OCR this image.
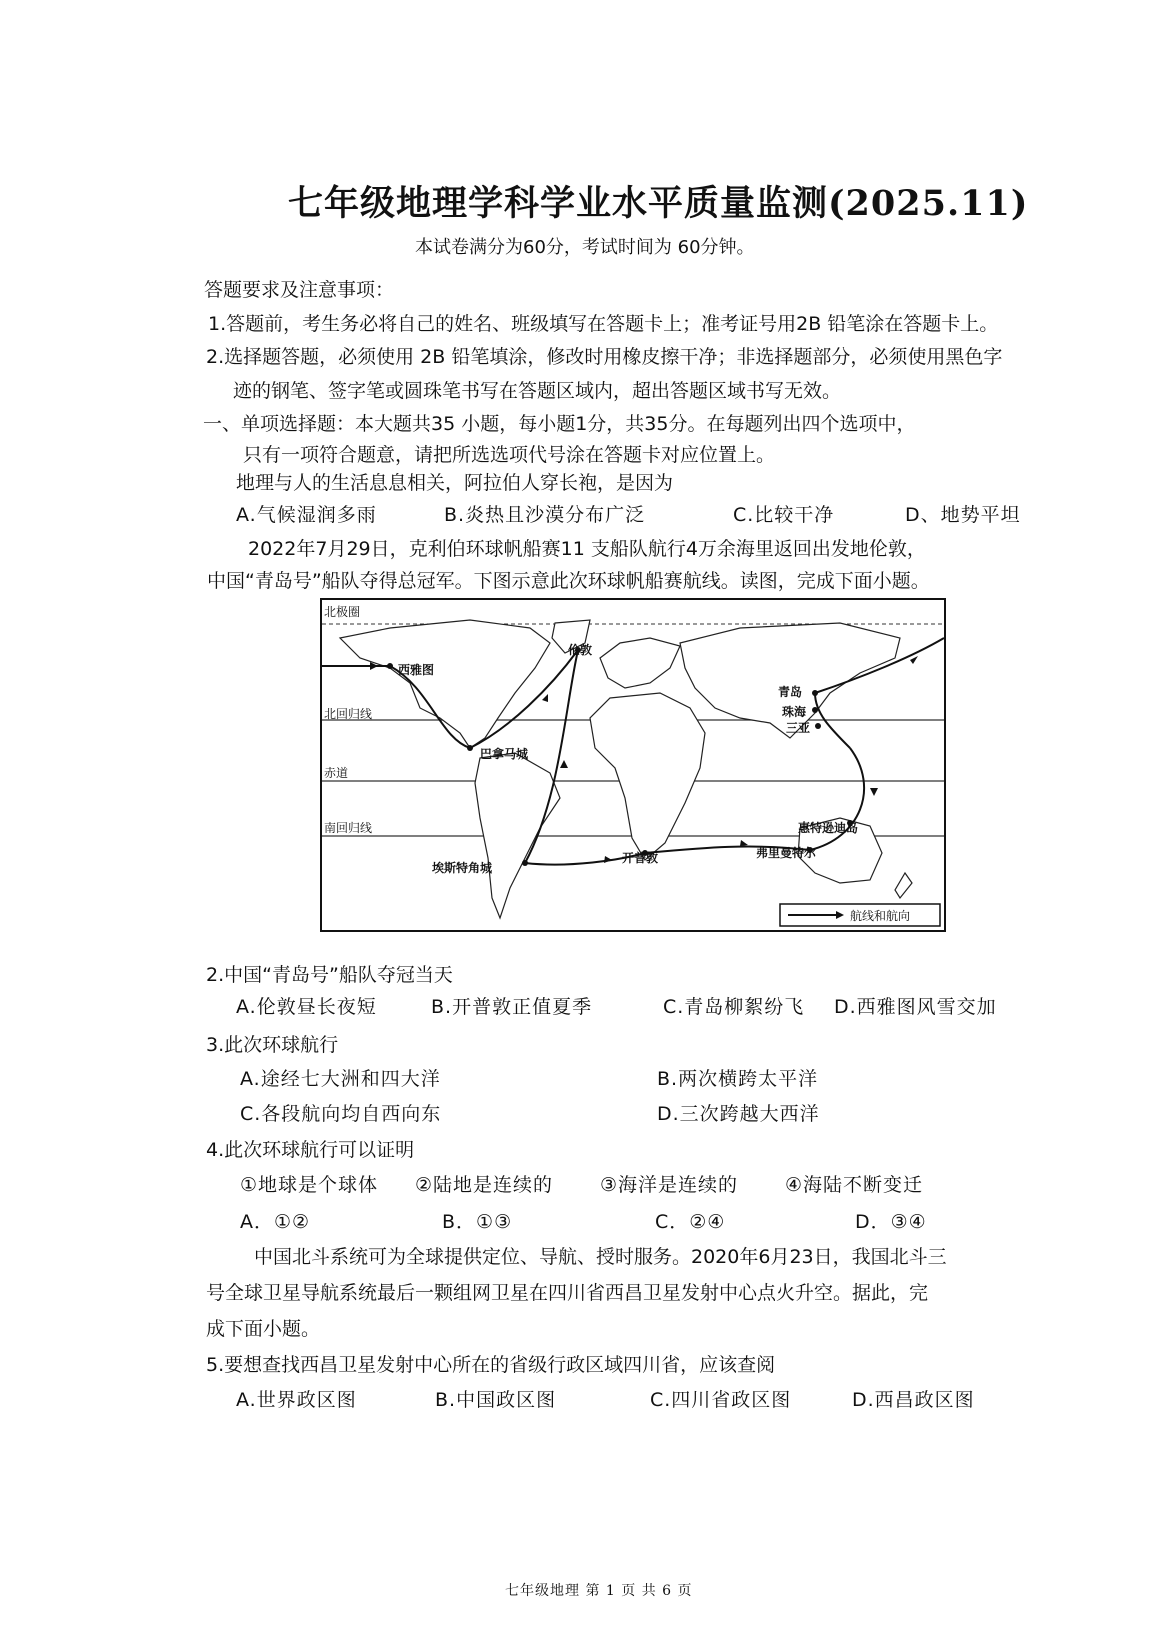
七年级地理学科学业水平质量监测(2025.11)
本试卷满分为60分，考试时间为 60分钟。
答题要求及注意事项：
1.答题前，考生务必将自己的姓名、班级填写在答题卡上；准考证号用2B 铅笔涂在答题卡上。
2.选择题答题，必须使用 2B 铅笔填涂，修改时用橡皮擦干净；非选择题部分，必须使用黑色字
迹的钢笔、签字笔或圆珠笔书写在答题区域内，超出答题区域书写无效。
一、单项选择题：本大题共35 小题，每小题1分，共35分。在每题列出四个选项中，
只有一项符合题意，请把所选选项代号涂在答题卡对应位置上。
地理与人的生活息息相关，阿拉伯人穿长袍，是因为
A.气候湿润多雨	B.炎热且沙漠分布广泛	C.比较干净	D、地势平坦
2022年7月29日，克利伯环球帆船赛11 支船队航行4万余海里返回出发地伦敦，
中国“青岛号”船队夺得总冠军。下图示意此次环球帆船赛航线。读图，完成下面小题。
北极圈
北回归线
赤道
南回归线
西雅图
伦敦
青岛
珠海
三亚
巴拿马城
埃斯特角城
开普敦	弗里曼特尔
惠特逊迪岛
航线和航向
2.中国“青岛号”船队夺冠当天
A.伦敦昼长夜短	B.开普敦正值夏季	C.青岛柳絮纷飞 D.西雅图风雪交加
3.此次环球航行
A.途经七大洲和四大洋	B.两次横跨太平洋
C.各段航向均自西向东	D.三次跨越大西洋
4.此次环球航行可以证明
①地球是个球体 ②陆地是连续的 ③海洋是连续的 ④海陆不断变迁
A．①②	B．①③	C．②④	D．③④
中国北斗系统可为全球提供定位、导航、授时服务。2020年6月23日，我国北斗三
号全球卫星导航系统最后一颗组网卫星在四川省西昌卫星发射中心点火升空。据此，完
成下面小题。
5.要想查找西昌卫星发射中心所在的省级行政区域四川省，应该查阅
A.世界政区图	B.中国政区图	C.四川省政区图	D.西昌政区图
七年级地理 第 1 页 共 6 页
